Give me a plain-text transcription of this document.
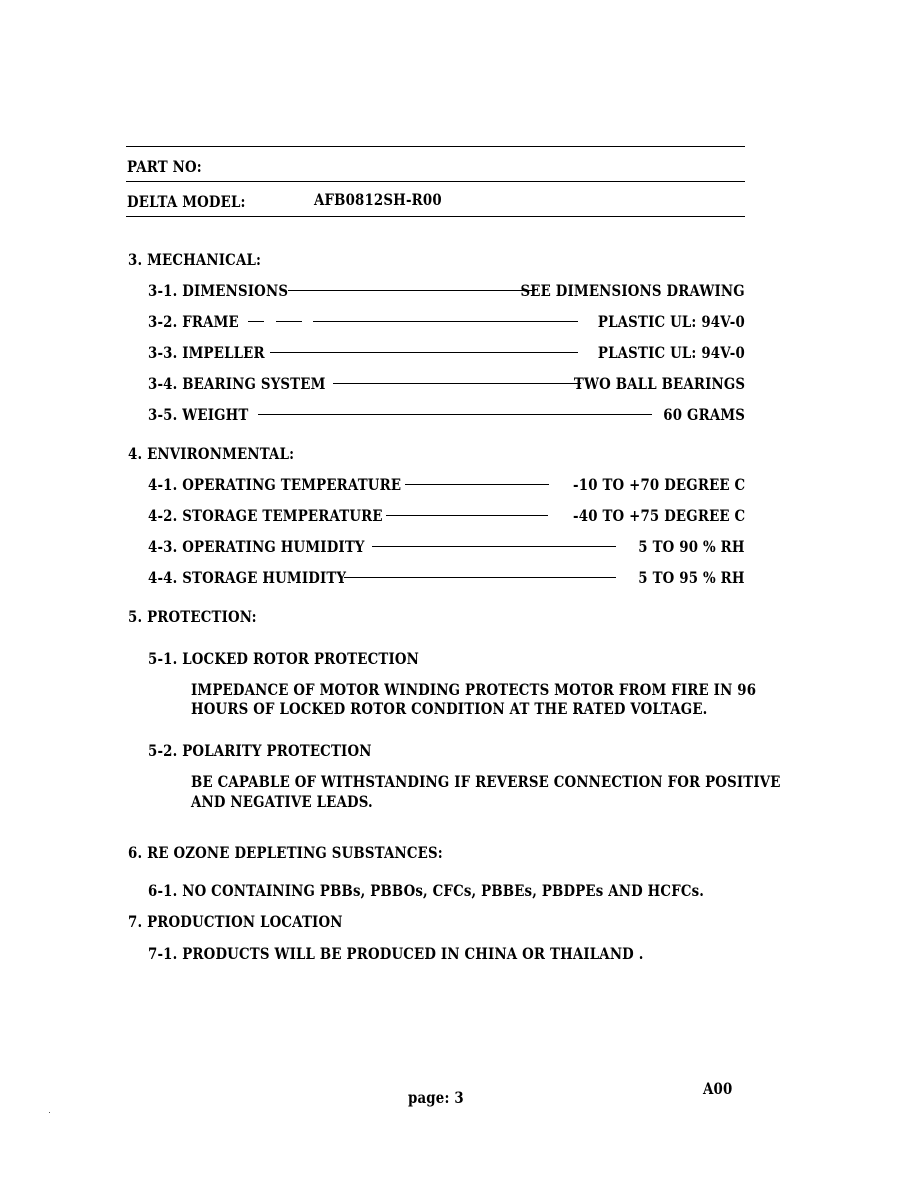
PART NO:
DELTA MODEL:	AFB0812SH-R00
3. MECHANICAL:
3-1. DIMENSIONS	SEE DIMENSIONS DRAWING
3-2. FRAME	PLASTIC UL: 94V-0
3-3. IMPELLER	PLASTIC UL: 94V-0
3-4. BEARING SYSTEM	TWO BALL BEARINGS
3-5. WEIGHT	60 GRAMS
4. ENVIRONMENTAL:
4-1. OPERATING TEMPERATURE	-10 TO +70 DEGREE C
4-2. STORAGE TEMPERATURE	-40 TO +75 DEGREE C
4-3. OPERATING HUMIDITY	5 TO 90 % RH
4-4. STORAGE HUMIDITY	5 TO 95 % RH
5. PROTECTION:
5-1. LOCKED ROTOR PROTECTION
IMPEDANCE OF MOTOR WINDING PROTECTS MOTOR FROM FIRE IN 96
HOURS OF LOCKED ROTOR CONDITION AT THE RATED VOLTAGE.
5-2. POLARITY PROTECTION
BE CAPABLE OF WITHSTANDING IF REVERSE CONNECTION FOR POSITIVE
AND NEGATIVE LEADS.
6. RE OZONE DEPLETING SUBSTANCES:
6-1. NO CONTAINING PBBs, PBBOs, CFCs, PBBEs, PBDPEs AND HCFCs.
7. PRODUCTION LOCATION
7-1. PRODUCTS WILL BE PRODUCED IN CHINA OR THAILAND .
page: 3	A00
